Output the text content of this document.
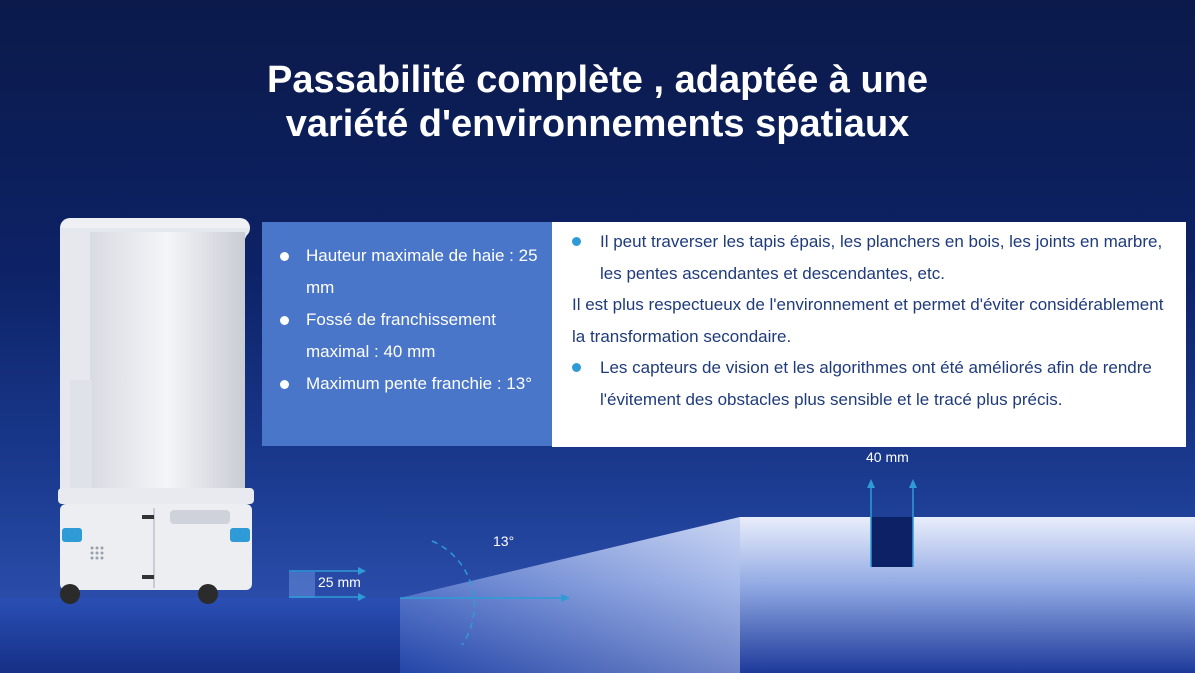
Passabilité complète , adaptée à une
variété d'environnements spatiaux
Hauteur maximale de haie : 25 mm
Fossé de franchissement maximal : 40 mm
Maximum pente franchie : 13°
Il peut traverser les tapis épais, les planchers en bois, les joints en marbre, les pentes ascendantes et descendantes, etc.
Il est plus respectueux de l'environnement et permet d'éviter considérablement la transformation secondaire.
Les capteurs de vision et les algorithmes ont été améliorés afin de rendre l'évitement des obstacles plus sensible et le tracé plus précis.
25 mm
13°
40 mm
